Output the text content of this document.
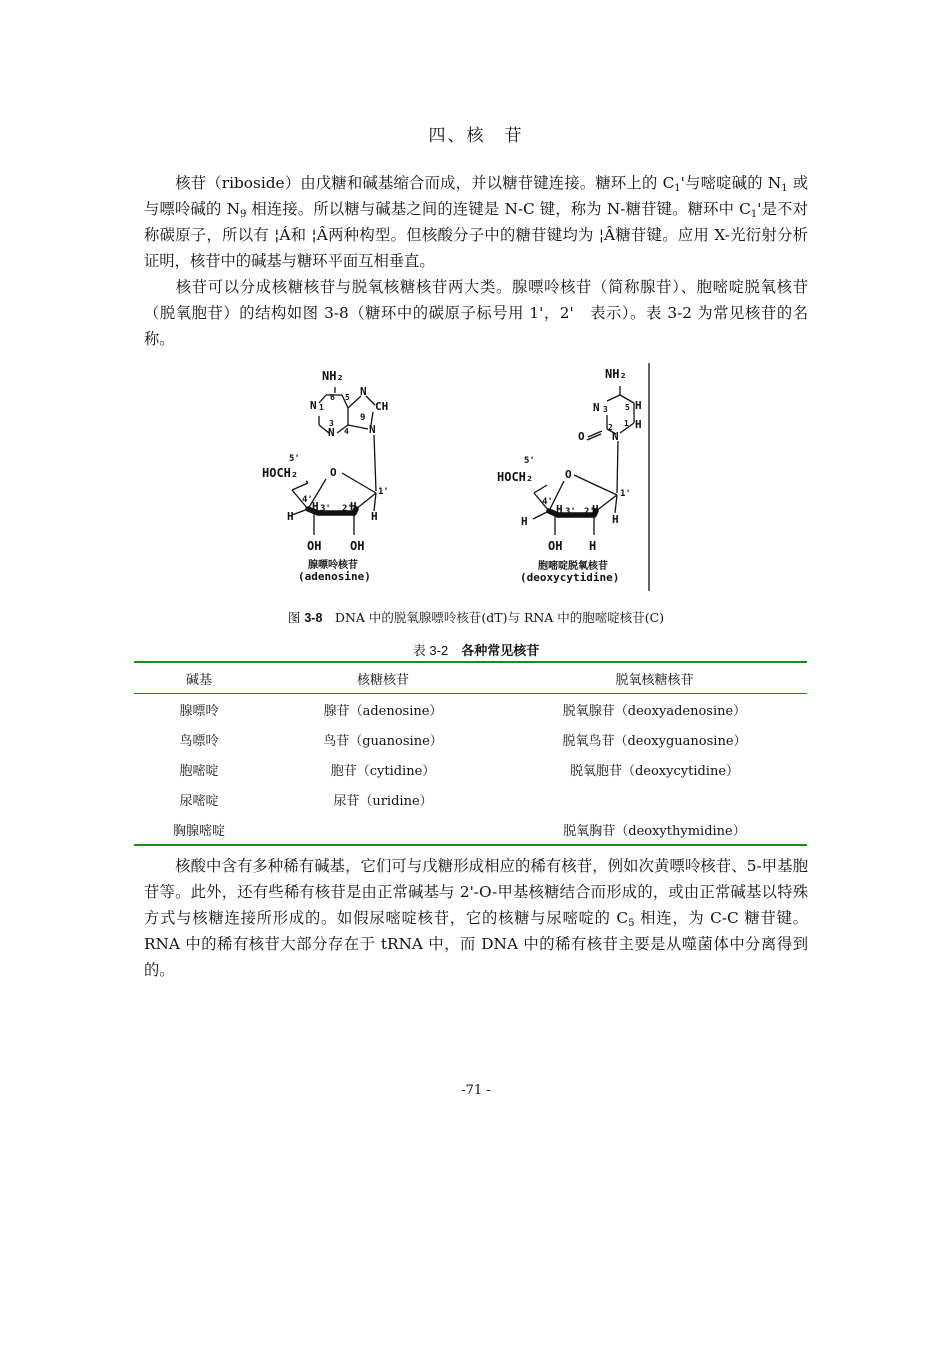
四、核　苷
核苷（riboside）由戊糖和碱基缩合而成，并以糖苷键连接。糖环上的 $C_1'$与嘧啶碱的 $N_1$ 或与嘌呤碱的 $N_9$ 相连接。所以糖与碱基之间的连键是 N-C 键，称为 N-糖苷键。糖环中 $C_1'$是不对称碳原子，所以有 ¦Á和 ¦Â两种构型。但核酸分子中的糖苷键均为 ¦Â糖苷键。应用 X-光衍射分析证明，核苷中的碱基与糖环平面互相垂直。
核苷可以分成核糖核苷与脱氧核糖核苷两大类。腺嘌呤核苷（简称腺苷）、胞嘧啶脱氧核苷（脱氧胞苷）的结构如图 3-8（糖环中的碳原子标号用 1'，2'　表示）。表 3-2 为常见核苷的名称。
NH₂
N 1
6 5 N
CH
3
N 4
9
N
5'
HOCH₂	O
4'
3' 2'
1'
H
H	H
H
OH OH
腺嘌呤核苷
(adenosine)
NH₂
N 3 5 H
2 1 H
O N
5'
HOCH₂	O
4'
3' 2'
1'
H
H	H
H
OH H
胞嘧啶脱氧核苷
(deoxycytidine)
图 3-8　DNA 中的脱氧腺嘌呤核苷(dT)与 RNA 中的胞嘧啶核苷(C)
表 3-2　各种常见核苷
碱基	核糖核苷	脱氧核糖核苷
腺嘌呤	腺苷（adenosine）	脱氧腺苷（deoxyadenosine）
鸟嘌呤	鸟苷（guanosine）	脱氧鸟苷（deoxyguanosine）
胞嘧啶	胞苷（cytidine）	脱氧胞苷（deoxycytidine）
尿嘧啶	尿苷（uridine）	
胸腺嘧啶		脱氧胸苷（deoxythymidine）
核酸中含有多种稀有碱基，它们可与戊糖形成相应的稀有核苷，例如次黄嘌呤核苷、5-甲基胞苷等。此外，还有些稀有核苷是由正常碱基与 2'-O-甲基核糖结合而形成的，或由正常碱基以特殊方式与核糖连接所形成的。如假尿嘧啶核苷，它的核糖与尿嘧啶的 $C_5$ 相连，为 C-C 糖苷键。RNA 中的稀有核苷大部分存在于 tRNA 中，而 DNA 中的稀有核苷主要是从噬菌体中分离得到的。
-71 -
